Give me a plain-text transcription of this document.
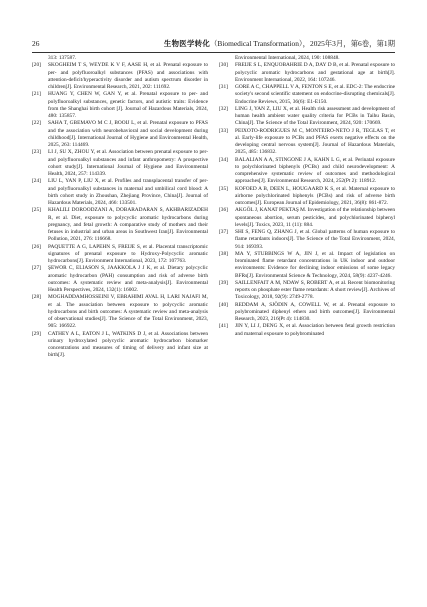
26	生物医学转化（Biomedical Transformation），2025年3月，第6卷，第1期
313: 137587.
[20] SKOGHEIM T S, WEYDE K V F, AASE H, et al. Prenatal exposure to per- and polyfluoroalkyl substances (PFAS) and associations with attention-deficit/hyperactivity disorder and autism spectrum disorder in children[J]. Environmental Research, 2021, 202: 111692.
[21] HUANG Y, CHEN W, GAN Y, et al. Prenatal exposure to per- and polyfluoroalkyl substances, genetic factors, and autistic traits: Evidence from the Shanghai birth cohort [J]. Journal of Hazardous Materials, 2024, 480: 135857.
[22] SAHA T, GBEMAVO M C J, BOOIJ L, et al. Prenatal exposure to PFAS and the association with neurobehavioral and social development during childhood[J]. International Journal of Hygiene and Environmental Health, 2025, 263: 114469.
[23] LI J, SU X, ZHOU Y, et al. Association between prenatal exposure to per- and polyfluoroalkyl substances and infant anthropometry: A prospective cohort study[J]. International Journal of Hygiene and Environmental Health, 2024, 257: 114339.
[24] LIU L, YAN P, LIU X, et al. Profiles and transplacental transfer of per- and polyfluoroalkyl substances in maternal and umbilical cord blood: A birth cohort study in Zhoushan, Zhejiang Province, China[J]. Journal of Hazardous Materials, 2024, 466: 133501.
[25] KHALILI DOROODZANI A, DOBARADARAN S, AKHBARIZADEH R, et al. Diet, exposure to polycyclic aromatic hydrocarbons during pregnancy, and fetal growth: A comparative study of mothers and their fetuses in industrial and urban areas in Southwest Iran[J]. Environmental Pollution, 2021, 276: 116668.
[26] PAQUETTE A G, LAPEHN S, FREIJE S, et al. Placental transcriptomic signatures of prenatal exposure to Hydroxy-Polycyclic aromatic hydrocarbons[J]. Environment International, 2023, 172: 107763.
[27] ŞEWOR C, ELIASON S, JAAKKOLA J J K, et al. Dietary polycyclic aromatic hydrocarbon (PAH) consumption and risk of adverse birth outcomes: A systematic review and meta-analysis[J]. Environmental Health Perspectives, 2024, 132(1): 16002.
[28] MOGHADDAMHOSSEINI V, EBRAHIMI AVAL H, LARI NAJAFI M, et al. The association between exposure to polycyclic aromatic hydrocarbons and birth outcomes: A systematic review and meta-analysis of observational studies[J]. The Science of the Total Environment, 2023, 905: 166922.
[29] CATHEY A L, EATON J L, WATKINS D J, et al. Associations between urinary hydroxylated polycyclic aromatic hydrocarbon biomarker concentrations and measures of timing of delivery and infant size at birth[J].
Environmental International, 2024, 190: 108848.
[30] FREIJE S L, ENQUOBAHRIE D A, DAY D B, et al. Prenatal exposure to polycyclic aromatic hydrocarbons and gestational age at birth[J]. Environment International, 2022, 164: 107246.
[31] GORE A C, CHAPPELL V A, FENTON S E, et al. EDC-2: The endocrine society's second scientific statement on endocrine-disrupting chemicals[J]. Endocrine Reviews, 2015, 36(6): E1-E150.
[32] LING J, YAN Z, LIU X, et al. Health risk assessment and development of human health ambient water quality criteria for PCBs in Taihu Basin, China[J]. The Science of the Total Environment, 2024, 920: 170669.
[33] PEIXOTO-RODRIGUES M C, MONTEIRO-NETO J R, TEGLAS T, et al. Early-life exposure to PCBs and PFAS exerts negative effects on the developing central nervous system[J]. Journal of Hazardous Materials, 2025, 485: 136832.
[34] BALALIAN A A, STINGONE J A, KAHN L G, et al. Perinatal exposure to polychlorinated biphenyls (PCBs) and child neurodevelopment: A comprehensive systematic review of outcomes and methodological approaches[J]. Environmental Research, 2024, 252(Pt 2): 118912.
[35] KOFOED A B, DEEN L, HOUGAARD K S, et al. Maternal exposure to airborne polychlorinated biphenyls (PCBs) and risk of adverse birth outcomes[J]. European Journal of Epidemiology, 2021, 36(8): 861-872.
[36] AKGÖL J, KANAT PEKTAŞ M. Investigation of the relationship between spontaneous abortion, serum pesticides, and polychlorinated biphenyl levels[J]. Toxics, 2023, 11 (11): 884.
[37] SHI S, FENG Q, ZHANG J, et al. Global patterns of human exposure to flame retardants indoors[J]. The Science of the Total Environment, 2024, 914: 169393.
[38] MA Y, STUBBINGS W A, JIN J, et al. Impact of legislation on brominated flame retardant concentrations in UK indoor and outdoor environments: Evidence for declining indoor emissions of some legacy BFRs[J]. Environmental Science & Technology, 2024, 58(9): 4237-4246.
[39] SAILLENFAIT A M, NDAW S, ROBERT A, et al. Recent biomonitoring reports on phosphate ester flame retardants: A short review[J]. Archives of Toxicology, 2018, 92(9): 2749-2778.
[40] REDDAM A, SJÖDIN A, COWELL W, et al. Prenatal exposure to polybrominated diphenyl ethers and birth outcomes[J]. Environmental Research, 2023, 216(Pt 4): 114830.
[41] JIN Y, LI J, DENG X, et al. Association between fetal growth restriction and maternal exposure to polybrominated
